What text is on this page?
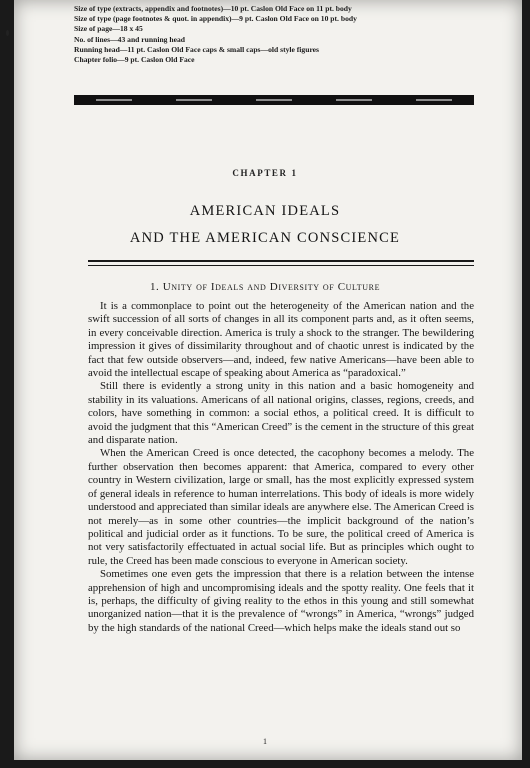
Size of type (extracts, appendix and footnotes)—10 pt. Caslon Old Face on 11 pt. body
Size of type (page footnotes & quot. in appendix)—9 pt. Caslon Old Face on 10 pt. body
Size of page—18 x 45
No. of lines—43 and running head
Running head—11 pt. Caslon Old Face caps & small caps—old style figures
Chapter folio—9 pt. Caslon Old Face
CHAPTER 1
AMERICAN IDEALS
AND THE AMERICAN CONSCIENCE
1. Unity of Ideals and Diversity of Culture

It is a commonplace to point out the heterogeneity of the American nation and the swift succession of all sorts of changes in all its component parts and, as it often seems, in every conceivable direction. America is truly a shock to the stranger. The bewildering impression it gives of dissimilarity throughout and of chaotic unrest is indicated by the fact that few outside observers—and, indeed, few native Americans—have been able to avoid the intellectual escape of speaking about America as “paradoxical.”

Still there is evidently a strong unity in this nation and a basic homogeneity and stability in its valuations. Americans of all national origins, classes, regions, creeds, and colors, have something in common: a social ethos, a political creed. It is difficult to avoid the judgment that this “American Creed” is the cement in the structure of this great and disparate nation.

When the American Creed is once detected, the cacophony becomes a melody. The further observation then becomes apparent: that America, compared to every other country in Western civilization, large or small, has the most explicitly expressed system of general ideals in reference to human interrelations. This body of ideals is more widely understood and appreciated than similar ideals are anywhere else. The American Creed is not merely—as in some other countries—the implicit background of the nation’s political and judicial order as it functions. To be sure, the political creed of America is not very satisfactorily effectuated in actual social life. But as principles which ought to rule, the Creed has been made conscious to everyone in American society.

Sometimes one even gets the impression that there is a relation between the intense apprehension of high and uncompromising ideals and the spotty reality. One feels that it is, perhaps, the difficulty of giving reality to the ethos in this young and still somewhat unorganized nation—that it is the prevalence of “wrongs” in America, “wrongs” judged by the high standards of the national Creed—which helps make the ideals stand out so

1
